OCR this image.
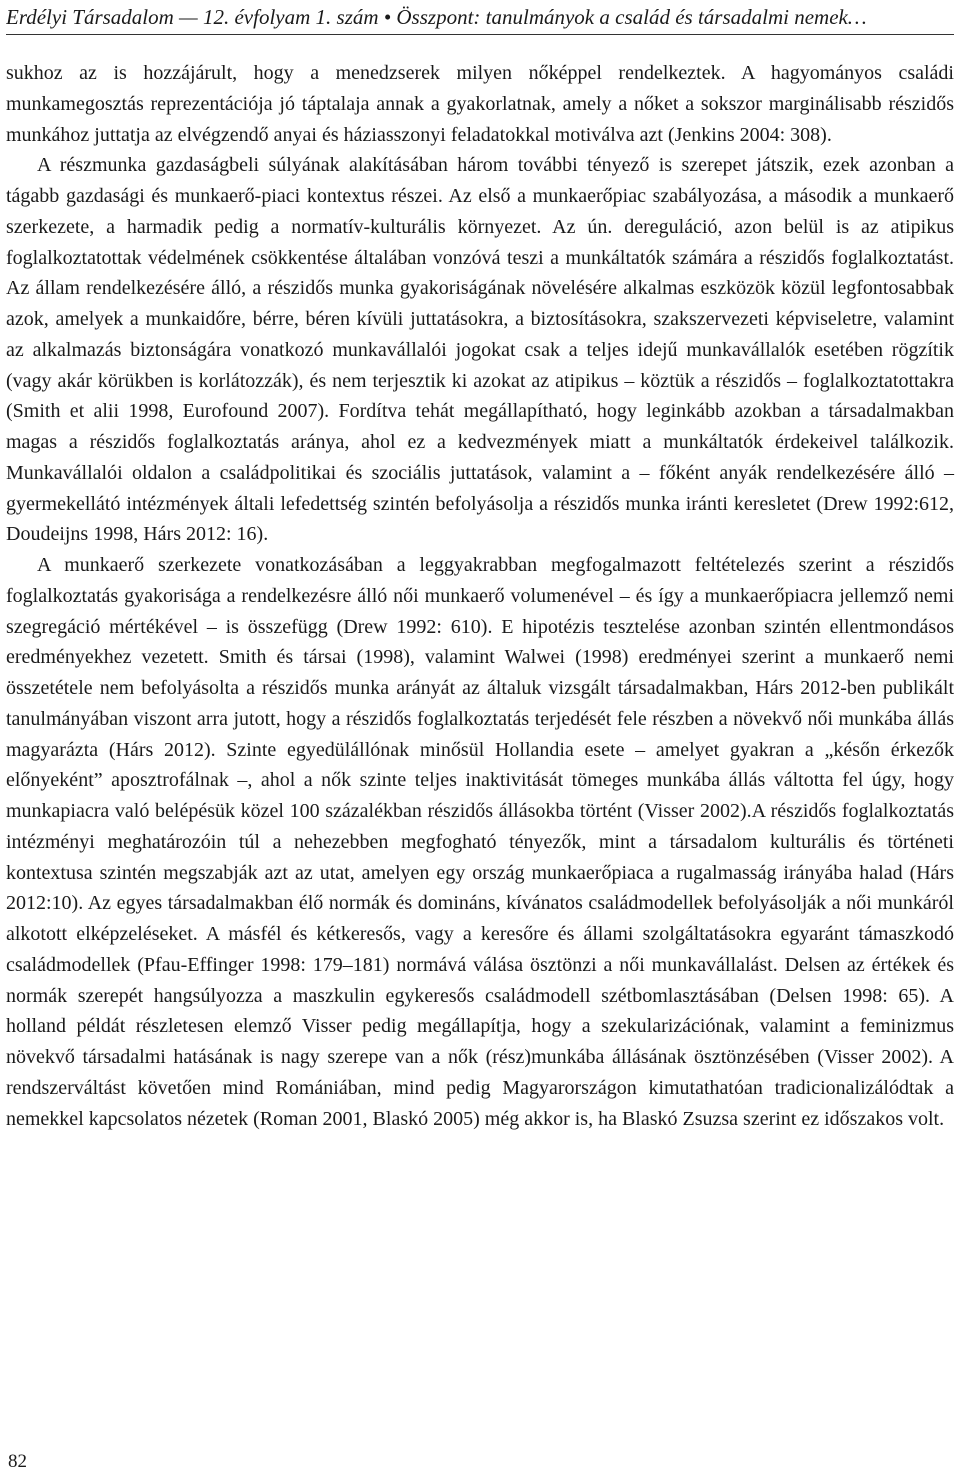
Erdélyi Társadalom — 12. évfolyam 1. szám • Összpont: tanulmányok a család és társadalmi nemek…

sukhoz az is hozzájárult, hogy a menedzserek milyen nőképpel rendelkeztek. A hagyományos családi munkamegosztás reprezentációja jó táptalaja annak a gyakorlatnak, amely a nőket a sokszor marginálisabb részidős munkához juttatja az elvégzendő anyai és háziasszonyi feladatokkal motiválva azt (Jenkins 2004: 308).

A részmunka gazdaságbeli súlyának alakításában három további tényező is szerepet játszik, ezek azonban a tágabb gazdasági és munkaerő-piaci kontextus részei. Az első a munkaerőpiac szabályozása, a második a munkaerő szerkezete, a harmadik pedig a normatív-kulturális környezet. Az ún. dereguláció, azon belül is az atipikus foglalkoztatottak védelmének csökkentése általában vonzóvá teszi a munkáltatók számára a részidős foglalkoztatást. Az állam rendelkezésére álló, a részidős munka gyakoriságának növelésére alkalmas eszközök közül legfontosabbak azok, amelyek a munkaidőre, bérre, béren kívüli juttatásokra, a biztosításokra, szakszervezeti képviseletre, valamint az alkalmazás biztonságára vonatkozó munkavállalói jogokat csak a teljes idejű munkavállalók esetében rögzítik (vagy akár körükben is korlátozzák), és nem terjesztik ki azokat az atipikus – köztük a részidős – foglalkoztatottakra (Smith et alii 1998, Eurofound 2007). Fordítva tehát megállapítható, hogy leginkább azokban a társadalmakban magas a részidős foglalkoztatás aránya, ahol ez a kedvezmények miatt a munkáltatók érdekeivel találkozik. Munkavállalói oldalon a családpolitikai és szociális juttatások, valamint a – főként anyák rendelkezésére álló – gyermekellátó intézmények általi lefedettség szintén befolyásolja a részidős munka iránti keresletet (Drew 1992:612, Doudeijns 1998, Hárs 2012: 16).

A munkaerő szerkezete vonatkozásában a leggyakrabban megfogalmazott feltételezés szerint a részidős foglalkoztatás gyakorisága a rendelkezésre álló női munkaerő volumenével – és így a munkaerőpiacra jellemző nemi szegregáció mértékével – is összefügg (Drew 1992: 610). E hipotézis tesztelése azonban szintén ellentmondásos eredményekhez vezetett. Smith és társai (1998), valamint Walwei (1998) eredményei szerint a munkaerő nemi összetétele nem befolyásolta a részidős munka arányát az általuk vizsgált társadalmakban, Hárs 2012-ben publikált tanulmányában viszont arra jutott, hogy a részidős foglalkoztatás terjedését fele részben a növekvő női munkába állás magyarázta (Hárs 2012). Szinte egyedülállónak minősül Hollandia esete – amelyet gyakran a „későn érkezők előnyeként” aposztrofálnak –, ahol a nők szinte teljes inaktivitását tömeges munkába állás váltotta fel úgy, hogy munkapiacra való belépésük közel 100 százalékban részidős állásokba történt (Visser 2002).A részidős foglalkoztatás intézményi meghatározóin túl a nehezebben megfogható tényezők, mint a társadalom kulturális és történeti kontextusa szintén megszabják azt az utat, amelyen egy ország munkaerőpiaca a rugalmasság irányába halad (Hárs 2012:10). Az egyes társadalmakban élő normák és domináns, kívánatos családmodellek befolyásolják a női munkáról alkotott elképzeléseket. A másfél és kétkeresős, vagy a keresőre és állami szolgáltatásokra egyaránt támaszkodó családmodellek (Pfau-Effinger 1998: 179–181) normává válása ösztönzi a női munkavállalást. Delsen az értékek és normák szerepét hangsúlyozza a maszkulin egykeresős családmodell szétbomlasztásában (Delsen 1998: 65). A holland példát részletesen elemző Visser pedig megállapítja, hogy a szekularizációnak, valamint a feminizmus növekvő társadalmi hatásának is nagy szerepe van a nők (rész)munkába állásának ösztönzésében (Visser 2002). A rendszerváltást követően mind Romániában, mind pedig Magyarországon kimutathatóan tradicionalizálódtak a nemekkel kapcsolatos nézetek (Roman 2001, Blaskó 2005) még akkor is, ha Blaskó Zsuzsa szerint ez időszakos volt.

82
